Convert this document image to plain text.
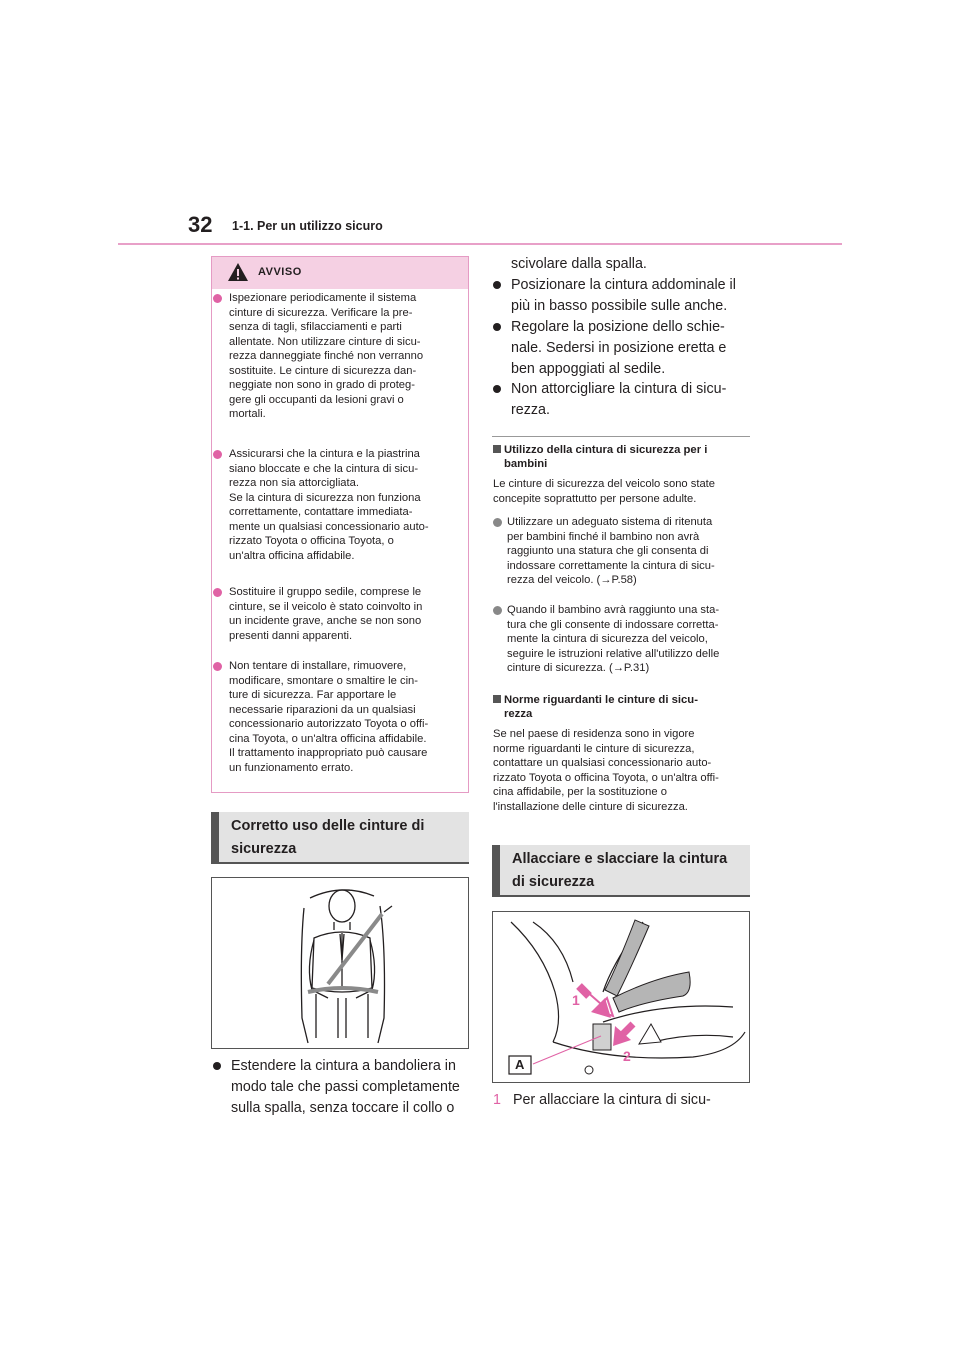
32 1-1. Per un utilizzo sicuro
AVVISO
Ispezionare periodicamente il sistema
cinture di sicurezza. Verificare la pre-
senza di tagli, sfilacciamenti e parti
allentate. Non utilizzare cinture di sicu-
rezza danneggiate finché non verranno
sostituite. Le cinture di sicurezza dan-
neggiate non sono in grado di proteg-
gere gli occupanti da lesioni gravi o
mortali.
Assicurarsi che la cintura e la piastrina
siano bloccate e che la cintura di sicu-
rezza non sia attorcigliata.
Se la cintura di sicurezza non funziona
correttamente, contattare immediata-
mente un qualsiasi concessionario auto-
rizzato Toyota o officina Toyota, o
un'altra officina affidabile.
Sostituire il gruppo sedile, comprese le
cinture, se il veicolo è stato coinvolto in
un incidente grave, anche se non sono
presenti danni apparenti.
Non tentare di installare, rimuovere,
modificare, smontare o smaltire le cin-
ture di sicurezza. Far apportare le
necessarie riparazioni da un qualsiasi
concessionario autorizzato Toyota o offi-
cina Toyota, o un'altra officina affidabile.
Il trattamento inappropriato può causare
un funzionamento errato.
Corretto uso delle cinture di
sicurezza
Estendere la cintura a bandoliera in
modo tale che passi completamente
sulla spalla, senza toccare il collo o
scivolare dalla spalla.
Posizionare la cintura addominale il
più in basso possibile sulle anche.
Regolare la posizione dello schie-
nale. Sedersi in posizione eretta e
ben appoggiati al sedile.
Non attorcigliare la cintura di sicu-
rezza.
Utilizzo della cintura di sicurezza per i
bambini
Le cinture di sicurezza del veicolo sono state
concepite soprattutto per persone adulte.
Utilizzare un adeguato sistema di ritenuta
per bambini finché il bambino non avrà
raggiunto una statura che gli consenta di
indossare correttamente la cintura di sicu-
rezza del veicolo. (→P.58)
Quando il bambino avrà raggiunto una sta-
tura che gli consente di indossare corretta-
mente la cintura di sicurezza del veicolo,
seguire le istruzioni relative all'utilizzo delle
cinture di sicurezza. (→P.31)
Norme riguardanti le cinture di sicu-
rezza
Se nel paese di residenza sono in vigore
norme riguardanti le cinture di sicurezza,
contattare un qualsiasi concessionario auto-
rizzato Toyota o officina Toyota, o un'altra offi-
cina affidabile, per la sostituzione o
l'installazione delle cinture di sicurezza.
Allacciare e slacciare la cintura
di sicurezza
1
2
A
1 Per allacciare la cintura di sicu-
